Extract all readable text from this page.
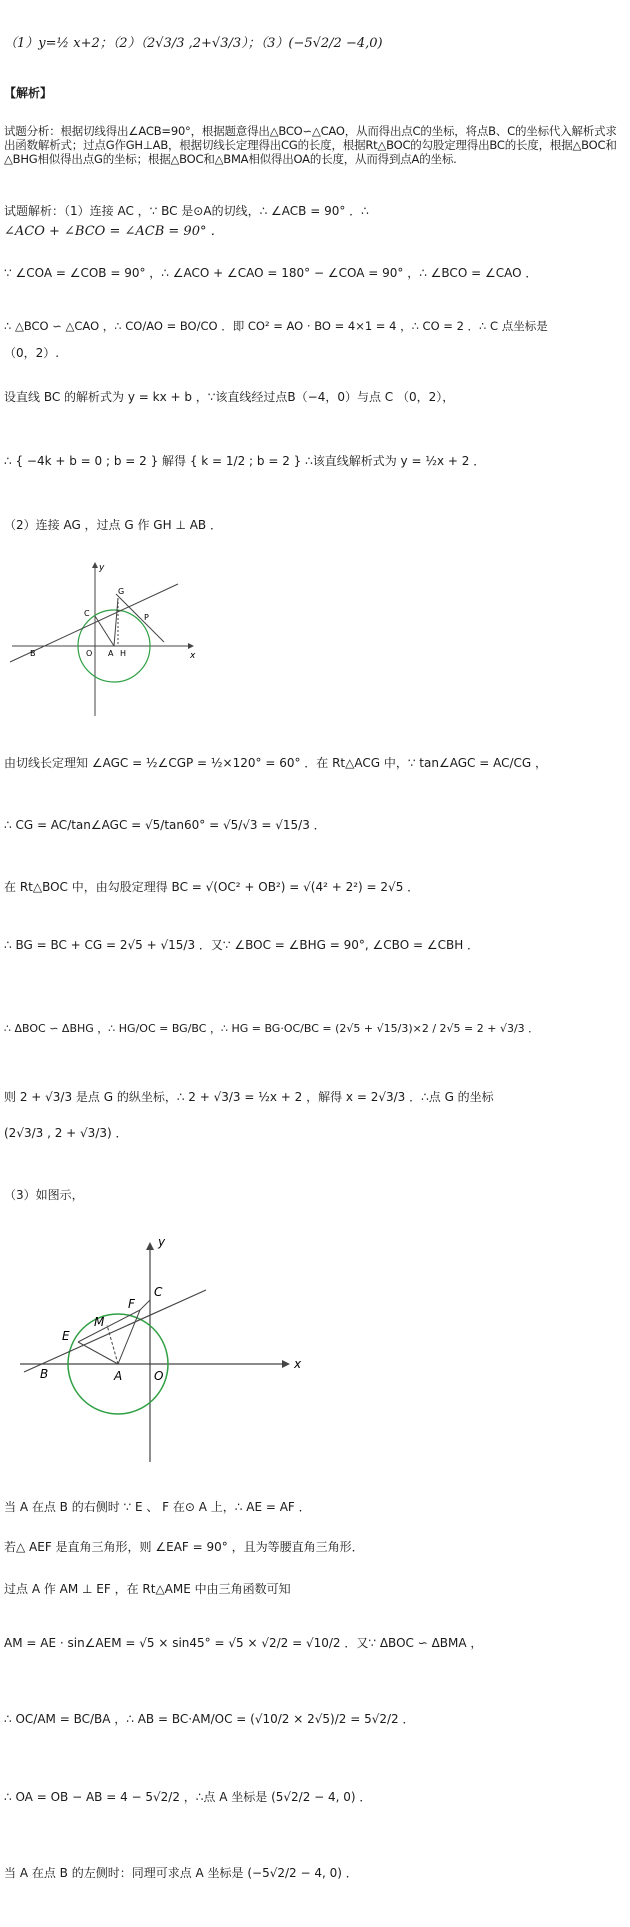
（1）y=½ x+2；（2）（2√3/3 ,2+√3/3）；（3）(−5√2/2 −4,0)
【解析】
试题分析：根据切线得出∠ACB=90°，根据题意得出△BCO∽△CAO，从而得出点C的坐标，将点B、C的坐标代入解析式求出函数解析式；过点G作GH⊥AB，根据切线长定理得出CG的长度，根据Rt△BOC的勾股定理得出BC的长度，根据△BOC和△BHG相似得出点G的坐标；根据△BOC和△BMA相似得出OA的长度，从而得到点A的坐标.
试题解析：（1）连接 AC ，∵ BC 是⊙A的切线，∴ ∠ACB = 90° ．∴
∠ACO + ∠BCO = ∠ACB = 90° ．
∵ ∠COA = ∠COB = 90° ，∴ ∠ACO + ∠CAO = 180° − ∠COA = 90° ，∴ ∠BCO = ∠CAO ．
∴ △BCO ∽ △CAO ，∴ CO/AO = BO/CO ．即 CO² = AO · BO = 4×1 = 4 ，∴ CO = 2 ．∴ C 点坐标是
（0，2）.
设直线 BC 的解析式为 y = kx + b ，∵该直线经过点B（−4，0）与点 C （0，2），
∴ { −4k + b = 0 ; b = 2 } 解得 { k = 1/2 ; b = 2 } ∴该直线解析式为 y = ½x + 2 ．
（2）连接 AG ，过点 G 作 GH ⊥ AB ．
x
y
B	O A H
C
G
P
由切线长定理知 ∠AGC = ½∠CGP = ½×120° = 60° ．在 Rt△ACG 中，∵ tan∠AGC = AC/CG ，
∴ CG = AC/tan∠AGC = √5/tan60° = √5/√3 = √15/3 ．
在 Rt△BOC 中，由勾股定理得 BC = √(OC² + OB²) = √(4² + 2²) = 2√5 ．
∴ BG = BC + CG = 2√5 + √15/3 ．又∵ ∠BOC = ∠BHG = 90°, ∠CBO = ∠CBH ．
∴ ΔBOC ∽ ΔBHG ，∴ HG/OC = BG/BC ，∴ HG = BG·OC/BC = (2√5 + √15/3)×2 / 2√5 = 2 + √3/3 ．
则 2 + √3/3 是点 G 的纵坐标，∴ 2 + √3/3 = ½x + 2 ，解得 x = 2√3/3 ．∴点 G 的坐标
(2√3/3 , 2 + √3/3) ．
（3）如图示，
x
y
B	A	O
E
M
F
C
当 A 在点 B 的右侧时 ∵ E 、 F 在⊙ A 上，∴ AE = AF ．
若△ AEF 是直角三角形，则 ∠EAF = 90° ，且为等腰直角三角形．
过点 A 作 AM ⊥ EF ，在 Rt△AME 中由三角函数可知
AM = AE · sin∠AEM = √5 × sin45° = √5 × √2/2 = √10/2 ．又∵ ΔBOC ∽ ΔBMA ，
∴ OC/AM = BC/BA ，∴ AB = BC·AM/OC = (√10/2 × 2√5)/2 = 5√2/2 ．
∴ OA = OB − AB = 4 − 5√2/2 ，∴点 A 坐标是 (5√2/2 − 4, 0) ．
当 A 在点 B 的左侧时：同理可求点 A 坐标是 (−5√2/2 − 4, 0) ．
